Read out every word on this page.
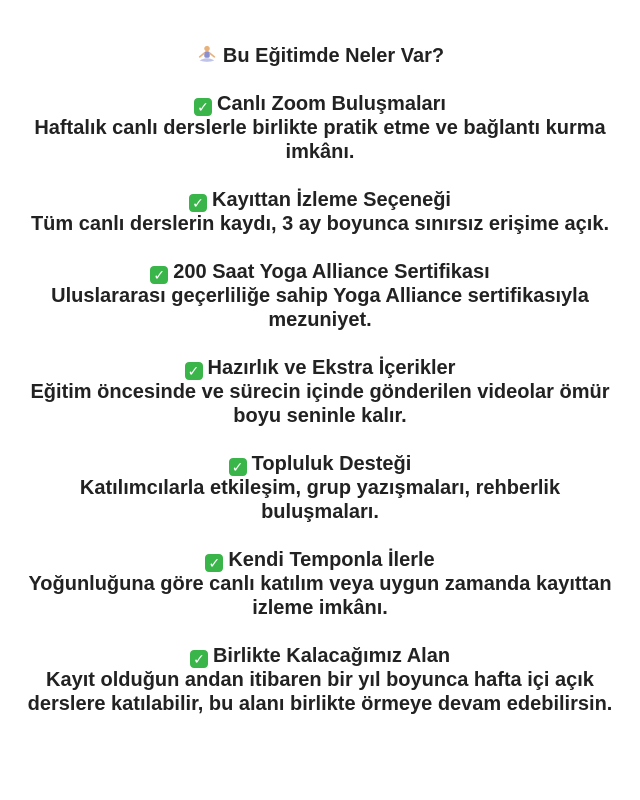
Bu Eğitimde Neler Var?

✓ Canlı Zoom Buluşmaları

Haftalık canlı derslerle birlikte pratik etme ve bağlantı kurma imkânı.

✓ Kayıttan İzleme Seçeneği

Tüm canlı derslerin kaydı, 3 ay boyunca sınırsız erişime açık.

✓ 200 Saat Yoga Alliance Sertifikası

Uluslararası geçerliliğe sahip Yoga Alliance sertifikasıyla mezuniyet.

✓ Hazırlık ve Ekstra İçerikler

Eğitim öncesinde ve sürecin içinde gönderilen videolar ömür boyu seninle kalır.

✓ Topluluk Desteği

Katılımcılarla etkileşim, grup yazışmaları, rehberlik buluşmaları.

✓ Kendi Temponla İlerle

Yoğunluğuna göre canlı katılım veya uygun zamanda kayıttan izleme imkânı.

✓ Birlikte Kalacağımız Alan

Kayıt olduğun andan itibaren bir yıl boyunca hafta içi açık derslere katılabilir, bu alanı birlikte örmeye devam edebilirsin.
